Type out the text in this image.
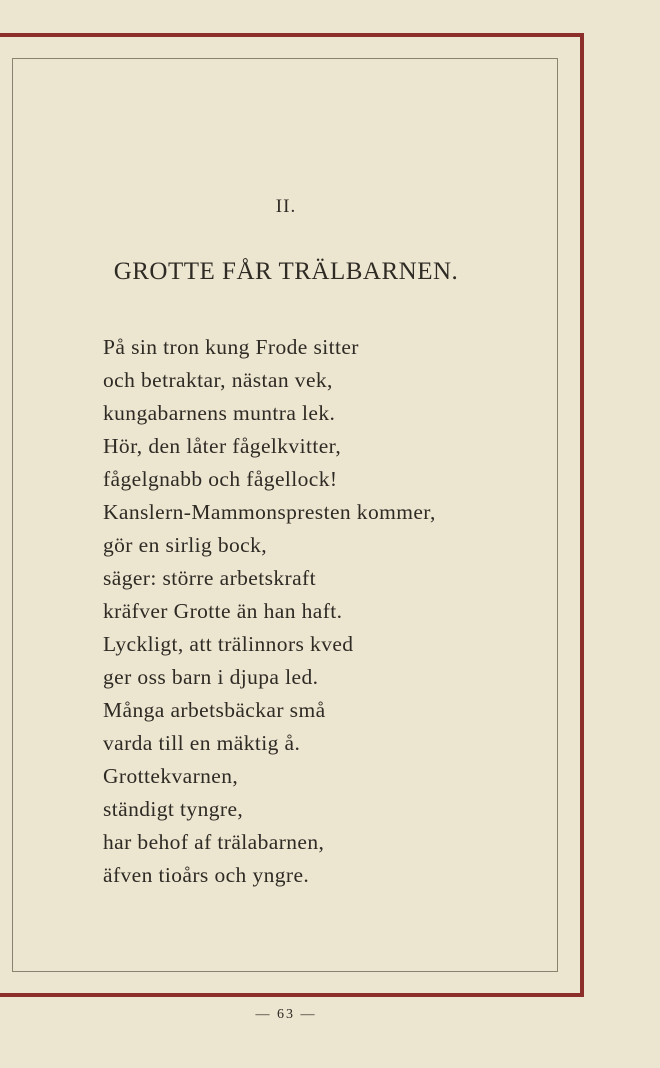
II.
GROTTE FÅR TRÄLBARNEN.
På sin tron kung Frode sitter
och betraktar, nästan vek,
kungabarnens muntra lek.
Hör, den låter fågelkvitter,
fågelgnabb och fågellock!
Kanslern-Mammonspresten kommer,
gör en sirlig bock,
säger: större arbetskraft
kräfver Grotte än han haft.
Lyckligt, att trälinnors kved
ger oss barn i djupa led.
Många arbetsbäckar små
varda till en mäktig å.
Grottekvarnen,
ständigt tyngre,
har behof af trälabarnen,
äfven tioårs och yngre.
— 63 —
